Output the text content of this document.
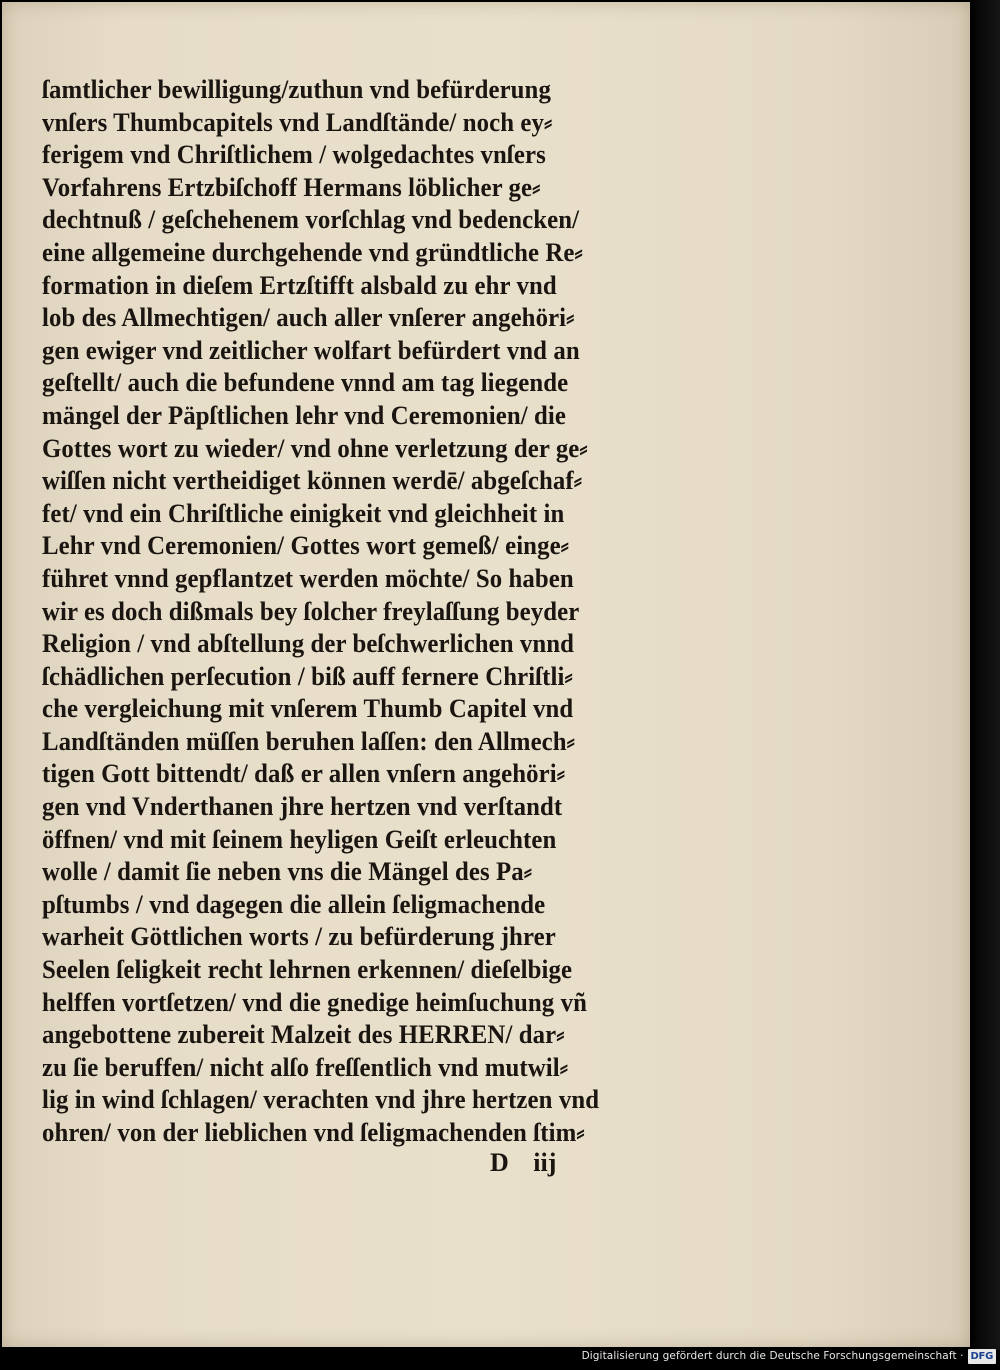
ſamtlicher bewilligung/zuthun vnd befürderung
vnſers Thumbcapitels vnd Landſtände/ noch ey⸗
ferigem vnd Chriſtlichem / wolgedachtes vnſers
Vorfahrens Ertzbiſchoff Hermans löblicher ge⸗
dechtnuß / geſchehenem vorſchlag vnd bedencken/
eine allgemeine durchgehende vnd gründtliche Re⸗
formation in dieſem Ertzſtifft alsbald zu ehr vnd
lob des Allmechtigen/ auch aller vnſerer angehöri⸗
gen ewiger vnd zeitlicher wolfart befürdert vnd an
geſtellt/ auch die befundene vnnd am tag liegende
mängel der Päpſtlichen lehr vnd Ceremonien/ die
Gottes wort zu wieder/ vnd ohne verletzung der ge⸗
wiſſen nicht vertheidiget können werdē/ abgeſchaf⸗
fet/ vnd ein Chriſtliche einigkeit vnd gleichheit in
Lehr vnd Ceremonien/ Gottes wort gemeß/ einge⸗
führet vnnd gepflantzet werden möchte/ So haben
wir es doch dißmals bey ſolcher freylaſſung beyder
Religion / vnd abſtellung der beſchwerlichen vnnd
ſchädlichen perſecution / biß auff fernere Chriſtli⸗
che vergleichung mit vnſerem Thumb Capitel vnd
Landſtänden müſſen beruhen laſſen: den Allmech⸗
tigen Gott bittendt/ daß er allen vnſern angehöri⸗
gen vnd Vnderthanen jhre hertzen vnd verſtandt
öffnen/ vnd mit ſeinem heyligen Geiſt erleuchten
wolle / damit ſie neben vns die Mängel des Pa⸗
pſtumbs / vnd dagegen die allein ſeligmachende
warheit Göttlichen worts / zu befürderung jhrer
Seelen ſeligkeit recht lehrnen erkennen/ dieſelbige
helffen vortſetzen/ vnd die gnedige heimſuchung vñ
angebottene zubereit Malzeit des HERREN/ dar⸗
zu ſie beruffen/ nicht alſo freſſentlich vnd mutwil⸗
lig in wind ſchlagen/ verachten vnd jhre hertzen vnd
ohren/ von der lieblichen vnd ſeligmachenden ſtim⸗
D iij
Digitalisierung gefördert durch die Deutsche Forschungsgemeinschaft · DFG
